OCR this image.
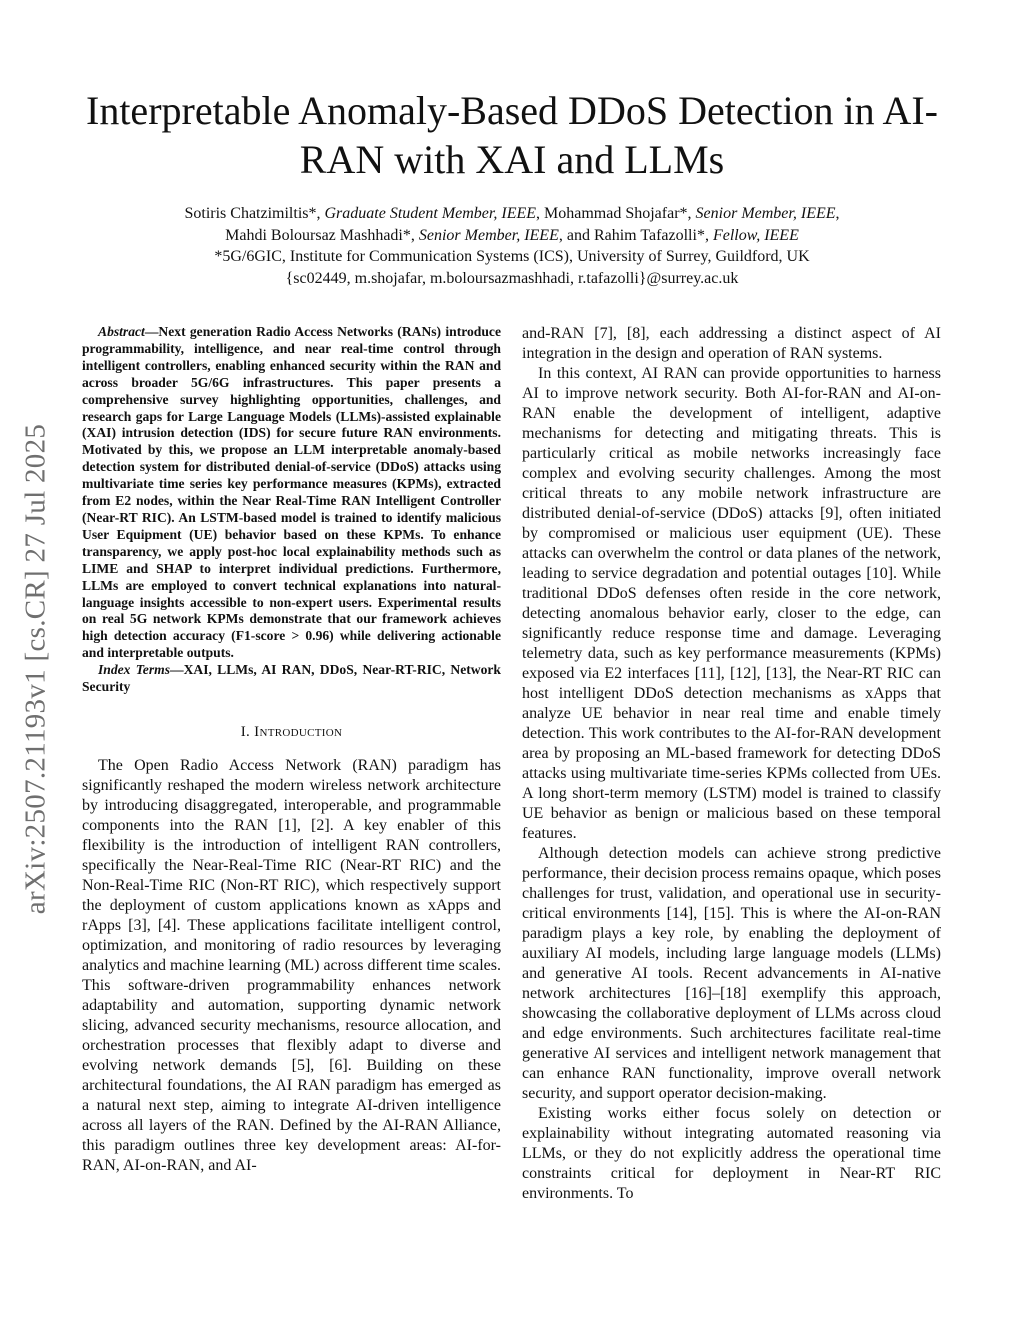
arXiv:2507.21193v1 [cs.CR] 27 Jul 2025
Interpretable Anomaly-Based DDoS Detection in AI-RAN with XAI and LLMs
Sotiris Chatzimiltis*, Graduate Student Member, IEEE, Mohammad Shojafar*, Senior Member, IEEE,
Mahdi Boloursaz Mashhadi*, Senior Member, IEEE, and Rahim Tafazolli*, Fellow, IEEE
*5G/6GIC, Institute for Communication Systems (ICS), University of Surrey, Guildford, UK
{sc02449, m.shojafar, m.boloursazmashhadi, r.tafazolli}@surrey.ac.uk

Abstract—Next generation Radio Access Networks (RANs) introduce programmability, intelligence, and near real-time control through intelligent controllers, enabling enhanced security within the RAN and across broader 5G/6G infrastructures. This paper presents a comprehensive survey highlighting opportunities, challenges, and research gaps for Large Language Models (LLMs)-assisted explainable (XAI) intrusion detection (IDS) for secure future RAN environments. Motivated by this, we propose an LLM interpretable anomaly-based detection system for distributed denial-of-service (DDoS) attacks using multivariate time series key performance measures (KPMs), extracted from E2 nodes, within the Near Real-Time RAN Intelligent Controller (Near-RT RIC). An LSTM-based model is trained to identify malicious User Equipment (UE) behavior based on these KPMs. To enhance transparency, we apply post-hoc local explainability methods such as LIME and SHAP to interpret individual predictions. Furthermore, LLMs are employed to convert technical explanations into natural-language insights accessible to non-expert users. Experimental results on real 5G network KPMs demonstrate that our framework achieves high detection accuracy (F1-score > 0.96) while delivering actionable and interpretable outputs.

Index Terms—XAI, LLMs, AI RAN, DDoS, Near-RT-RIC, Network Security

I. Introduction

The Open Radio Access Network (RAN) paradigm has significantly reshaped the modern wireless network architecture by introducing disaggregated, interoperable, and programmable components into the RAN [1], [2]. A key enabler of this flexibility is the introduction of intelligent RAN controllers, specifically the Near-Real-Time RIC (Near-RT RIC) and the Non-Real-Time RIC (Non-RT RIC), which respectively support the deployment of custom applications known as xApps and rApps [3], [4]. These applications facilitate intelligent control, optimization, and monitoring of radio resources by leveraging analytics and machine learning (ML) across different time scales. This software-driven programmability enhances network adaptability and automation, supporting dynamic network slicing, advanced security mechanisms, resource allocation, and orchestration processes that flexibly adapt to diverse and evolving network demands [5], [6]. Building on these architectural foundations, the AI RAN paradigm has emerged as a natural next step, aiming to integrate AI-driven intelligence across all layers of the RAN. Defined by the AI-RAN Alliance, this paradigm outlines three key development areas: AI-for-RAN, AI-on-RAN, and AI-

and-RAN [7], [8], each addressing a distinct aspect of AI integration in the design and operation of RAN systems.

In this context, AI RAN can provide opportunities to harness AI to improve network security. Both AI-for-RAN and AI-on-RAN enable the development of intelligent, adaptive mechanisms for detecting and mitigating threats. This is particularly critical as mobile networks increasingly face complex and evolving security challenges. Among the most critical threats to any mobile network infrastructure are distributed denial-of-service (DDoS) attacks [9], often initiated by compromised or malicious user equipment (UE). These attacks can overwhelm the control or data planes of the network, leading to service degradation and potential outages [10]. While traditional DDoS defenses often reside in the core network, detecting anomalous behavior early, closer to the edge, can significantly reduce response time and damage. Leveraging telemetry data, such as key performance measurements (KPMs) exposed via E2 interfaces [11], [12], [13], the Near-RT RIC can host intelligent DDoS detection mechanisms as xApps that analyze UE behavior in near real time and enable timely detection. This work contributes to the AI-for-RAN development area by proposing an ML-based framework for detecting DDoS attacks using multivariate time-series KPMs collected from UEs. A long short-term memory (LSTM) model is trained to classify UE behavior as benign or malicious based on these temporal features.

Although detection models can achieve strong predictive performance, their decision process remains opaque, which poses challenges for trust, validation, and operational use in security-critical environments [14], [15]. This is where the AI-on-RAN paradigm plays a key role, by enabling the deployment of auxiliary AI models, including large language models (LLMs) and generative AI tools. Recent advancements in AI-native network architectures [16]–[18] exemplify this approach, showcasing the collaborative deployment of LLMs across cloud and edge environments. Such architectures facilitate real-time generative AI services and intelligent network management that can enhance RAN functionality, improve overall network security, and support operator decision-making.

Existing works either focus solely on detection or explainability without integrating automated reasoning via LLMs, or they do not explicitly address the operational time constraints critical for deployment in Near-RT RIC environments. To
